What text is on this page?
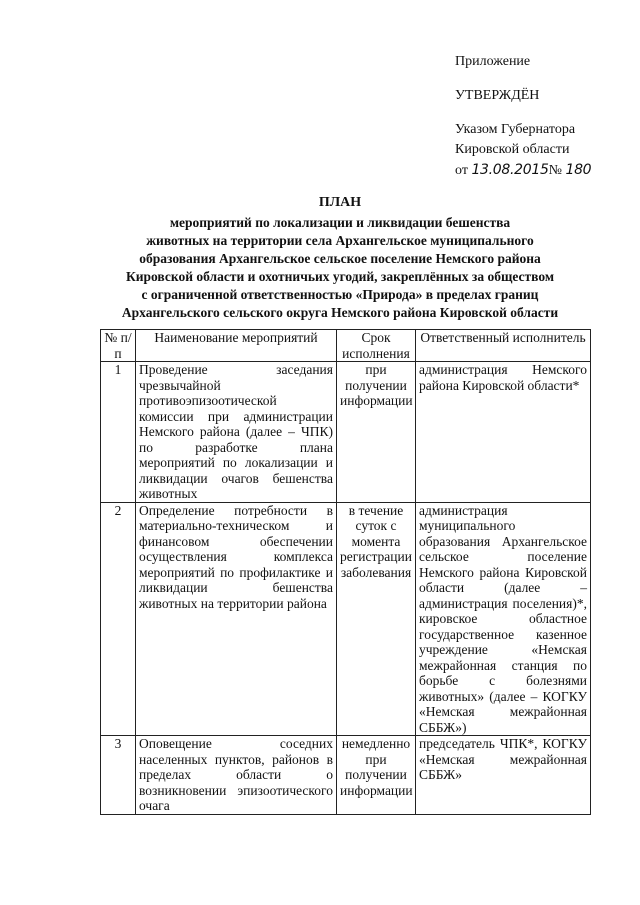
Приложение
УТВЕРЖДЁН
Указом Губернатора
Кировской области
от 13.08.2015№ 180
ПЛАН
мероприятий по локализации и ликвидации бешенства
животных на территории села Архангельское муниципального
образования Архангельское сельское поселение Немского района
Кировской области и охотничьих угодий, закреплённых за обществом
с ограниченной ответственностью «Природа» в пределах границ
Архангельского сельского округа Немского района Кировской области
№ п/п	Наименование мероприятий	Срок исполнения	Ответственный исполнитель
1	Проведение заседания чрезвычайной противоэпизоотической комиссии при администрации Немского района (далее – ЧПК) по разработке плана мероприятий по локализации и ликвидации очагов бешенства животных	при получении информации	администрация Немского района Кировской области*
2	Определение потребности в материально-техническом и финансовом обеспечении осуществления комплекса мероприятий по профилактике и ликвидации бешенства животных на территории района	в течение суток с момента регистрации заболевания	администрация муниципального образования Архангельское сельское поселение Немского района Кировской области (далее – администрация поселения)*, кировское областное государственное казенное учреждение «Немская межрайонная станция по борьбе с болезнями животных» (далее – КОГКУ «Немская межрайонная СББЖ»)
3	Оповещение соседних населенных пунктов, районов в пределах области о возникновении эпизоотического очага	немедленно при получении информации	председатель ЧПК*, КОГКУ «Немская межрайонная СББЖ»
